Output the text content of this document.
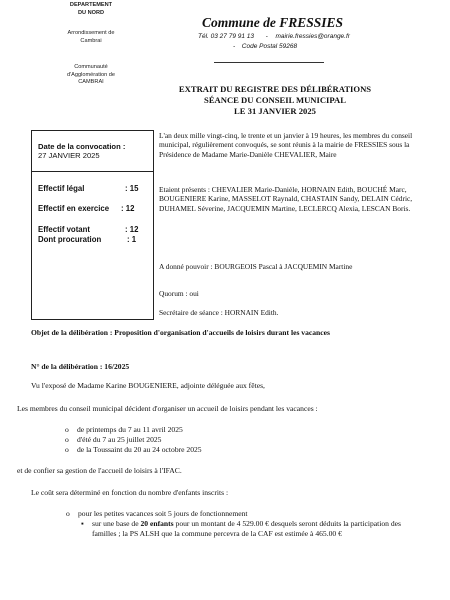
DEPARTEMENT
DU NORD
Arrondissement de
Cambrai
Communauté
d'Agglomération de
CAMBRAI
Commune de FRESSIES
Tél. 03 27 79 91 13 - mairie.fressies@orange.fr
- Code Postal 59268
EXTRAIT DU REGISTRE DES DÉLIBÉRATIONS
SÉANCE DU CONSEIL MUNICIPAL
LE 31 JANVIER 2025
Date de la convocation :
27 JANVIER 2025
Effectif légal	: 15
Effectif en exercice : 12
Effectif votant	: 12
Dont procuration	: 1
L'an deux mille vingt-cinq, le trente et un janvier à 19 heures, les membres du conseil municipal, régulièrement convoqués, se sont réunis à la mairie de FRESSIES sous la Présidence de Madame Marie-Danièle CHEVALIER, Maire
Etaient présents : CHEVALIER Marie-Danièle, HORNAIN Edith, BOUCHÉ Marc, BOUGENIERE Karine, MASSELOT Raynald, CHASTAIN Sandy, DELAIN Cédric, DUHAMEL Séverine, JACQUEMIN Martine, LECLERCQ Alexia, LESCAN Boris.
A donné pouvoir : BOURGEOIS Pascal à JACQUEMIN Martine
Quorum : oui
Secrétaire de séance : HORNAIN Edith.
Objet de la délibération : Proposition d'organisation d'accueils de loisirs durant les vacances
N° de la délibération : 16/2025
Vu l'exposé de Madame Karine BOUGENIERE, adjointe déléguée aux fêtes,
Les membres du conseil municipal décident d'organiser un accueil de loisirs pendant les vacances :
o de printemps du 7 au 11 avril 2025
o d'été du 7 au 25 juillet 2025
o de la Toussaint du 20 au 24 octobre 2025
et de confier sa gestion de l'accueil de loisirs à l'IFAC.
Le coût sera déterminé en fonction du nombre d'enfants inscrits :
o pour les petites vacances soit 5 jours de fonctionnement
▪ sur une base de 20 enfants pour un montant de 4 529.00 € desquels seront déduits la participation des familles ; la PS ALSH que la commune percevra de la CAF est estimée à 465.00 €
